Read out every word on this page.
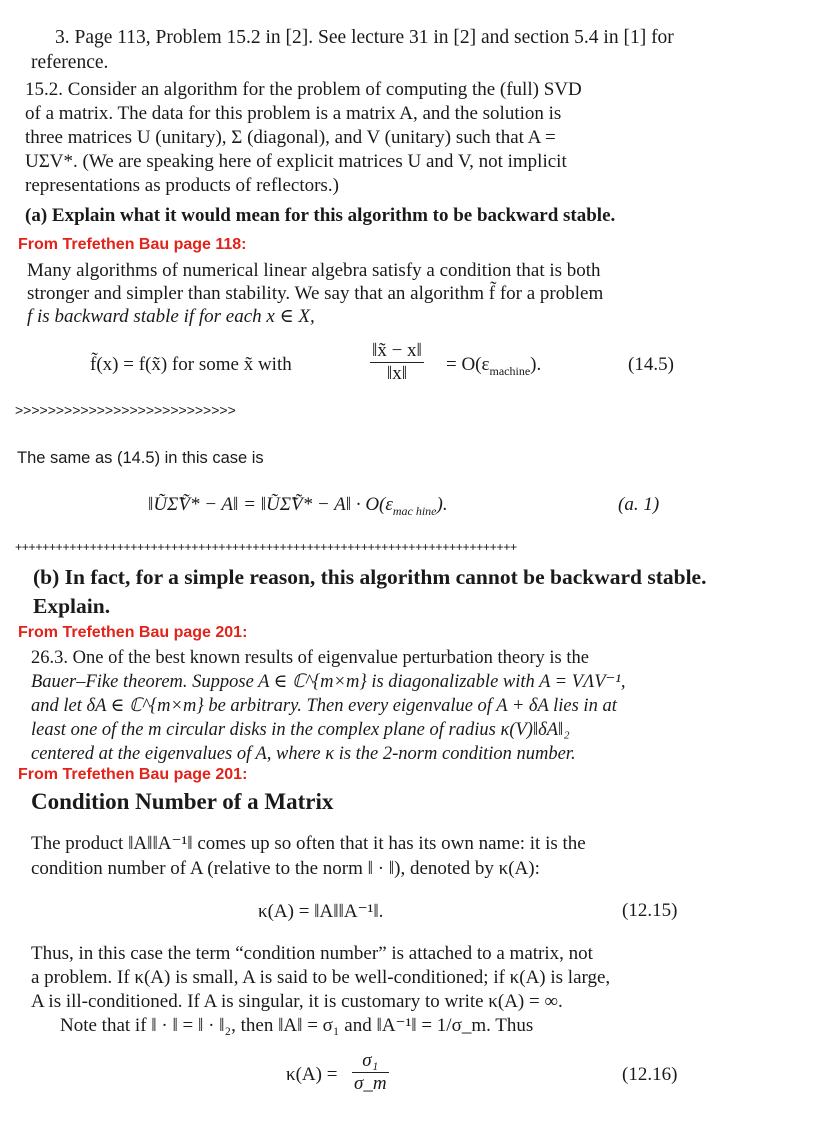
3. Page 113, Problem 15.2 in [2]. See lecture 31 in [2] and section 5.4 in [1] for
reference.
15.2. Consider an algorithm for the problem of computing the (full) SVD
of a matrix. The data for this problem is a matrix A, and the solution is
three matrices U (unitary), Σ (diagonal), and V (unitary) such that A =
UΣV*. (We are speaking here of explicit matrices U and V, not implicit
representations as products of reflectors.)
(a) Explain what it would mean for this algorithm to be backward stable.
From Trefethen Bau page 118:
Many algorithms of numerical linear algebra satisfy a condition that is both
stronger and simpler than stability. We say that an algorithm f̃ for a problem
f is backward stable if for each x ∈ X,
f̃(x) = f(x̃) for some x̃ with	$\frac{‖x̃ - x‖}{‖x‖} = O(\varepsilon_{machine})$.	(14.5)
>>>>>>>>>>>>>>>>>>>>>>>>>>>
The same as (14.5) in this case is
‖ŨΣ̃Ṽ* − A‖ = ‖ŨΣ̃Ṽ* − A‖ · $O(\varepsilon_{mac hine})$.	(a. 1)
++++++++++++++++++++++++++++++++++++++++++++++++++++++++++++++++++++++++++
(b) In fact, for a simple reason, this algorithm cannot be backward stable.
Explain.
From Trefethen Bau page 201:
26.3. One of the best known results of eigenvalue perturbation theory is the
Bauer–Fike theorem. Suppose A ∈ ℂ^{m×m} is diagonalizable with A = VΛV⁻¹,
and let δA ∈ ℂ^{m×m} be arbitrary. Then every eigenvalue of A + δA lies in at
least one of the m circular disks in the complex plane of radius κ(V)‖δA‖₂
centered at the eigenvalues of A, where κ is the 2-norm condition number.
From Trefethen Bau page 201:
Condition Number of a Matrix
The product ‖A‖‖A⁻¹‖ comes up so often that it has its own name: it is the
condition number of A (relative to the norm ‖ · ‖), denoted by κ(A):
κ(A) = ‖A‖‖A⁻¹‖.	(12.15)
Thus, in this case the term “condition number” is attached to a matrix, not
a problem. If κ(A) is small, A is said to be well-conditioned; if κ(A) is large,
A is ill-conditioned. If A is singular, it is customary to write κ(A) = ∞.
Note that if ‖ · ‖ = ‖ · ‖₂, then ‖A‖ = σ₁ and ‖A⁻¹‖ = 1/σ_m. Thus
$\kappa(A) = \frac{\text{σ₁}}{\sigma\_m}$	(12.16)
